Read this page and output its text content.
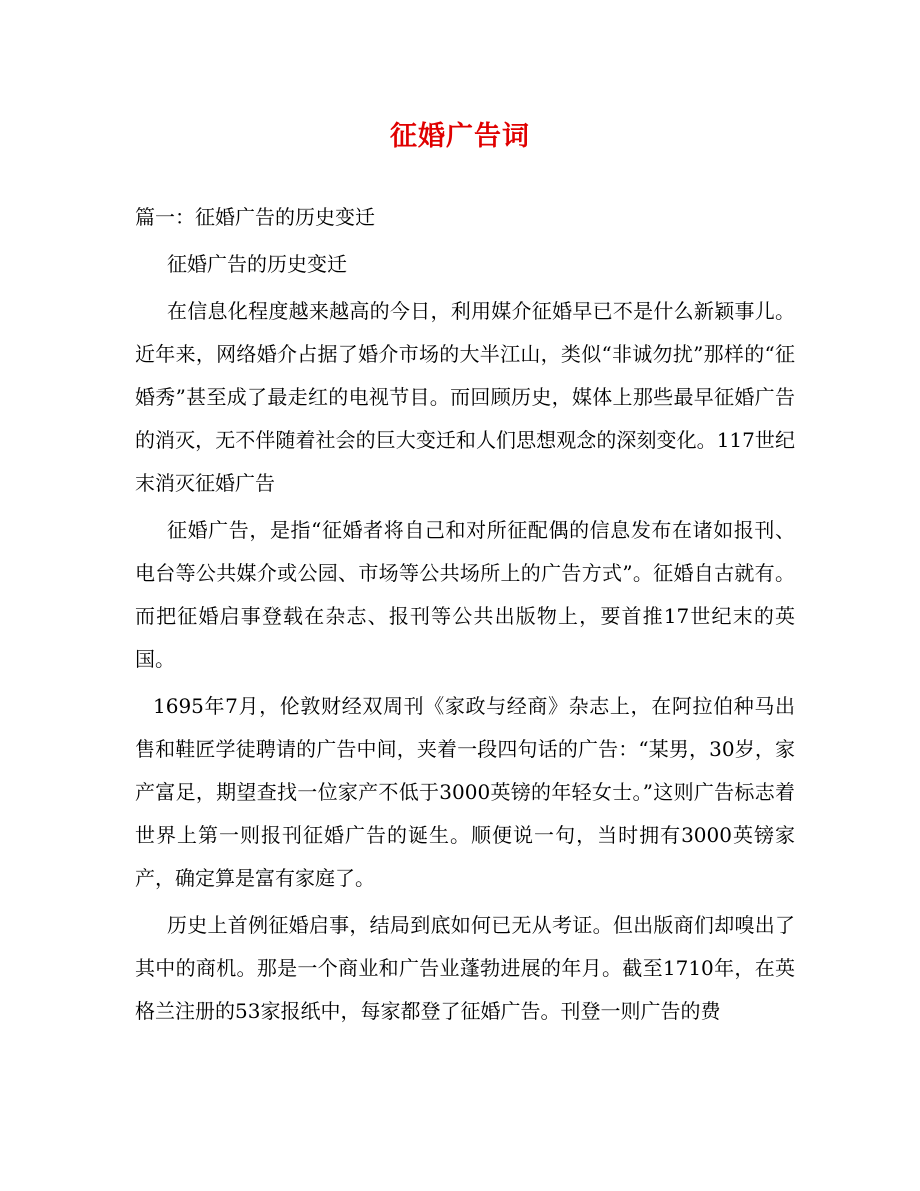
征婚广告词

篇一：征婚广告的历史变迁

征婚广告的历史变迁

在信息化程度越来越高的今日，利用媒介征婚早已不是什么新颖事儿。近年来，网络婚介占据了婚介市场的大半江山，类似“非诚勿扰”那样的“征婚秀”甚至成了最走红的电视节目。而回顾历史，媒体上那些最早征婚广告的消灭，无不伴随着社会的巨大变迁和人们思想观念的深刻变化。117世纪末消灭征婚广告

征婚广告，是指“征婚者将自己和对所征配偶的信息发布在诸如报刊、电台等公共媒介或公园、市场等公共场所上的广告方式”。征婚自古就有。而把征婚启事登载在杂志、报刊等公共出版物上，要首推17世纪末的英国。

1695年7月，伦敦财经双周刊《家政与经商》杂志上，在阿拉伯种马出售和鞋匠学徒聘请的广告中间，夹着一段四句话的广告：“某男，30岁，家产富足，期望查找一位家产不低于3000英镑的年轻女士。”这则广告标志着世界上第一则报刊征婚广告的诞生。顺便说一句，当时拥有3000英镑家产，确定算是富有家庭了。

历史上首例征婚启事，结局到底如何已无从考证。但出版商们却嗅出了其中的商机。那是一个商业和广告业蓬勃进展的年月。截至1710年，在英格兰注册的53家报纸中，每家都登了征婚广告。刊登一则广告的费
